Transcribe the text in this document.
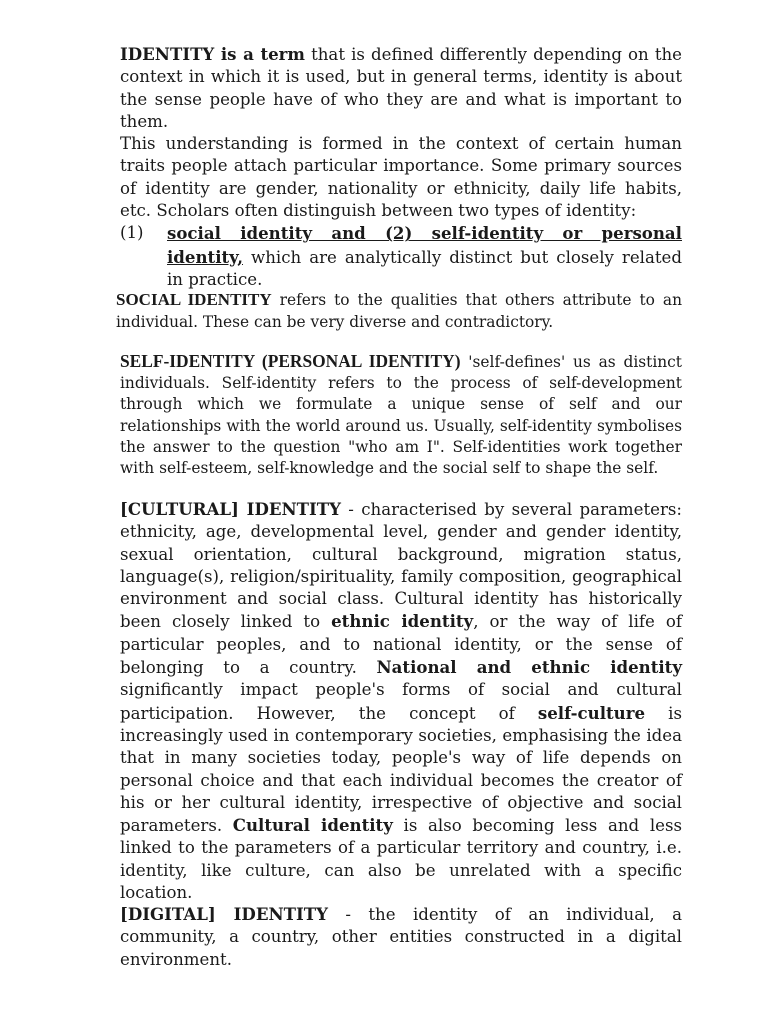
IDENTITY is a term that is defined differently depending on the context in which it is used, but in general terms, identity is about the sense people have of who they are and what is important to them.

This understanding is formed in the context of certain human traits people attach particular importance. Some primary sources of identity are gender, nationality or ethnicity, daily life habits, etc. Scholars often distinguish between two types of identity:

(1)	social identity and (2) self-identity or personal identity, which are analytically distinct but closely related in practice.

SOCIAL IDENTITY refers to the qualities that others attribute to an individual. These can be very diverse and contradictory.

SELF-IDENTITY (PERSONAL IDENTITY) 'self-defines' us as distinct individuals. Self-identity refers to the process of self-development through which we formulate a unique sense of self and our relationships with the world around us. Usually, self-identity symbolises the answer to the question "who am I". Self-identities work together with self-esteem, self-knowledge and the social self to shape the self.

[CULTURAL] IDENTITY - characterised by several parameters: ethnicity, age, developmental level, gender and gender identity, sexual orientation, cultural background, migration status, language(s), religion/spirituality, family composition, geographical environment and social class. Cultural identity has historically been closely linked to ethnic identity, or the way of life of particular peoples, and to national identity, or the sense of belonging to a country. National and ethnic identity significantly impact people's forms of social and cultural participation. However, the concept of self-culture is increasingly used in contemporary societies, emphasising the idea that in many societies today, people's way of life depends on personal choice and that each individual becomes the creator of his or her cultural identity, irrespective of objective and social parameters. Cultural identity is also becoming less and less linked to the parameters of a particular territory and country, i.e. identity, like culture, can also be unrelated with a specific location.

[DIGITAL] IDENTITY - the identity of an individual, a community, a country, other entities constructed in a digital environment.
